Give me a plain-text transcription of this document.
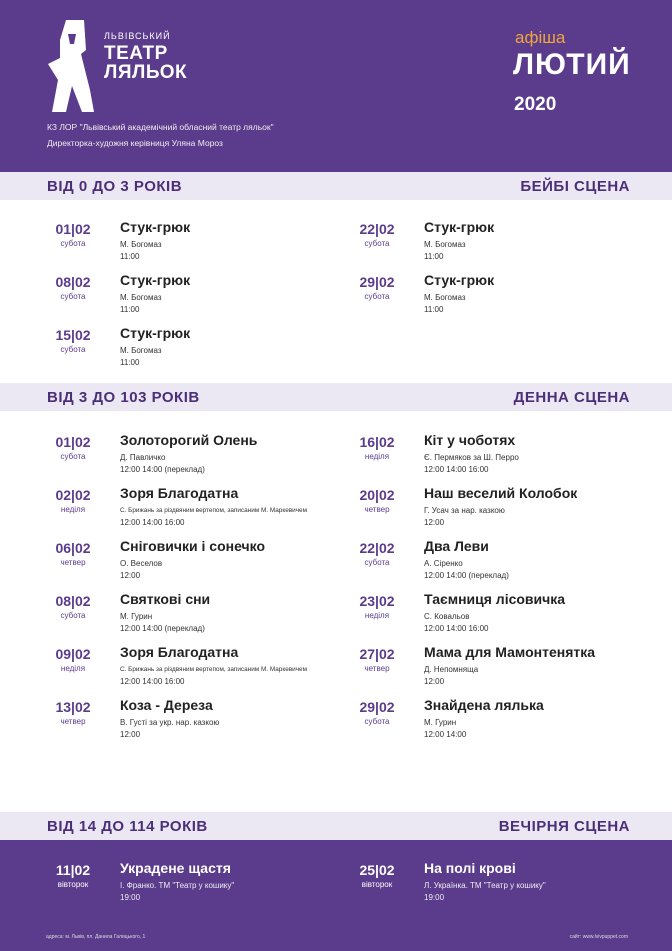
ЛЬВІВСЬКИЙ
ТЕАТР
ЛЯЛЬОК
КЗ ЛОР "Львівський академічний обласний театр ляльок"
Директорка-художня керівниця Уляна Мороз
афіша
ЛЮТИЙ
2020
ВІД 0 ДО 3 РОКІВ	БЕЙБІ СЦЕНА
01|02
субота
Стук-грюк
М. Богомаз
11:00
08|02
субота
Стук-грюк
М. Богомаз
11:00
15|02
субота
Стук-грюк
М. Богомаз
11:00
22|02
субота
Стук-грюк
М. Богомаз
11:00
29|02
субота
Стук-грюк
М. Богомаз
11:00
ВІД 3 ДО 103 РОКІВ	ДЕННА СЦЕНА
01|02
субота
Золоторогий Олень
Д. Павличко
12:00 14:00 (переклад)
02|02
неділя
Зоря Благодатна
С. Брижань за різдвяним вертепом, записаним М. Маркевичем
12:00 14:00 16:00
06|02
четвер
Сніговички і сонечко
О. Веселов
12:00
08|02
субота
Святкові сни
М. Гурин
12:00 14:00 (переклад)
09|02
неділя
Зоря Благодатна
С. Брижань за різдвяним вертепом, записаним М. Маркевичем
12:00 14:00 16:00
13|02
четвер
Коза - Дереза
В. Густі за укр. нар. казкою
12:00
16|02
неділя
Кіт у чоботях
Є. Пермяков за Ш. Перро
12:00 14:00 16:00
20|02
четвер
Наш веселий Колобок
Г. Усач за нар. казкою
12:00
22|02
субота
Два Леви
А. Сіренко
12:00 14:00 (переклад)
23|02
неділя
Таємниця лісовичка
С. Ковальов
12:00 14:00 16:00
27|02
четвер
Мама для Мамонтенятка
Д. Непомняща
12:00
29|02
субота
Знайдена лялька
М. Гурин
12:00 14:00
ВІД 14 ДО 114 РОКІВ	ВЕЧІРНЯ СЦЕНА
11|02
вівторок
Украдене щастя
І. Франко. ТМ "Театр у кошику"
19:00
25|02
вівторок
На полі крові
Л. Українка. ТМ "Театр у кошику"
19:00
адреса: м. Львів, пл. Данила Галицького, 1	сайт: www.lvivpuppet.com
